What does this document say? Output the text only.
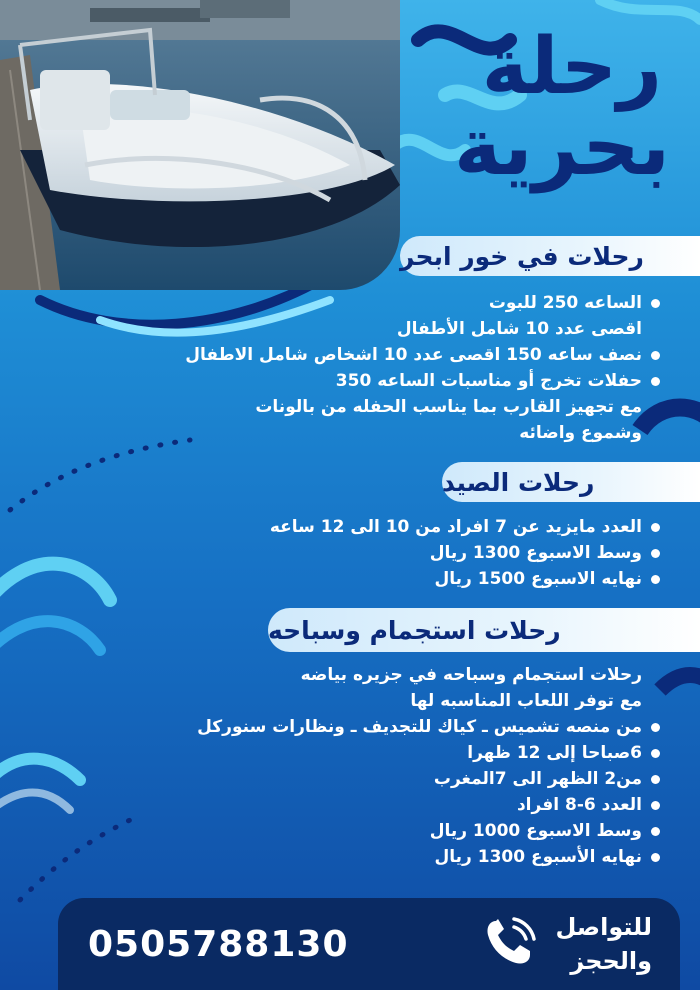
رحلة
بحرية
رحلات في خور ابحر
الساعه 250 للبوت
اقصى عدد 10 شامل الأطفال
نصف ساعه 150 اقصى عدد 10 اشخاص شامل الاطفال
حفلات تخرج أو مناسبات الساعه 350
مع تجهيز القارب بما يناسب الحفله من بالونات
وشموع واضائه
رحلات الصيد
العدد مايزيد عن 7 افراد من 10 الى 12 ساعه
وسط الاسبوع 1300 ريال
نهايه الاسبوع 1500 ريال
رحلات استجمام وسباحه
رحلات استجمام وسباحه في جزيره بياضه
مع توفر اللعاب المناسبه لها
من منصه تشميس ـ كياك للتجديف ـ ونظارات سنوركل
6صباحا إلى 12 ظهرا
من2 الظهر الى 7المغرب
العدد 6-8 افراد
وسط الاسبوع 1000 ريال
نهايه الأسبوع 1300 ريال
0505788130	للتواصل
والحجز
